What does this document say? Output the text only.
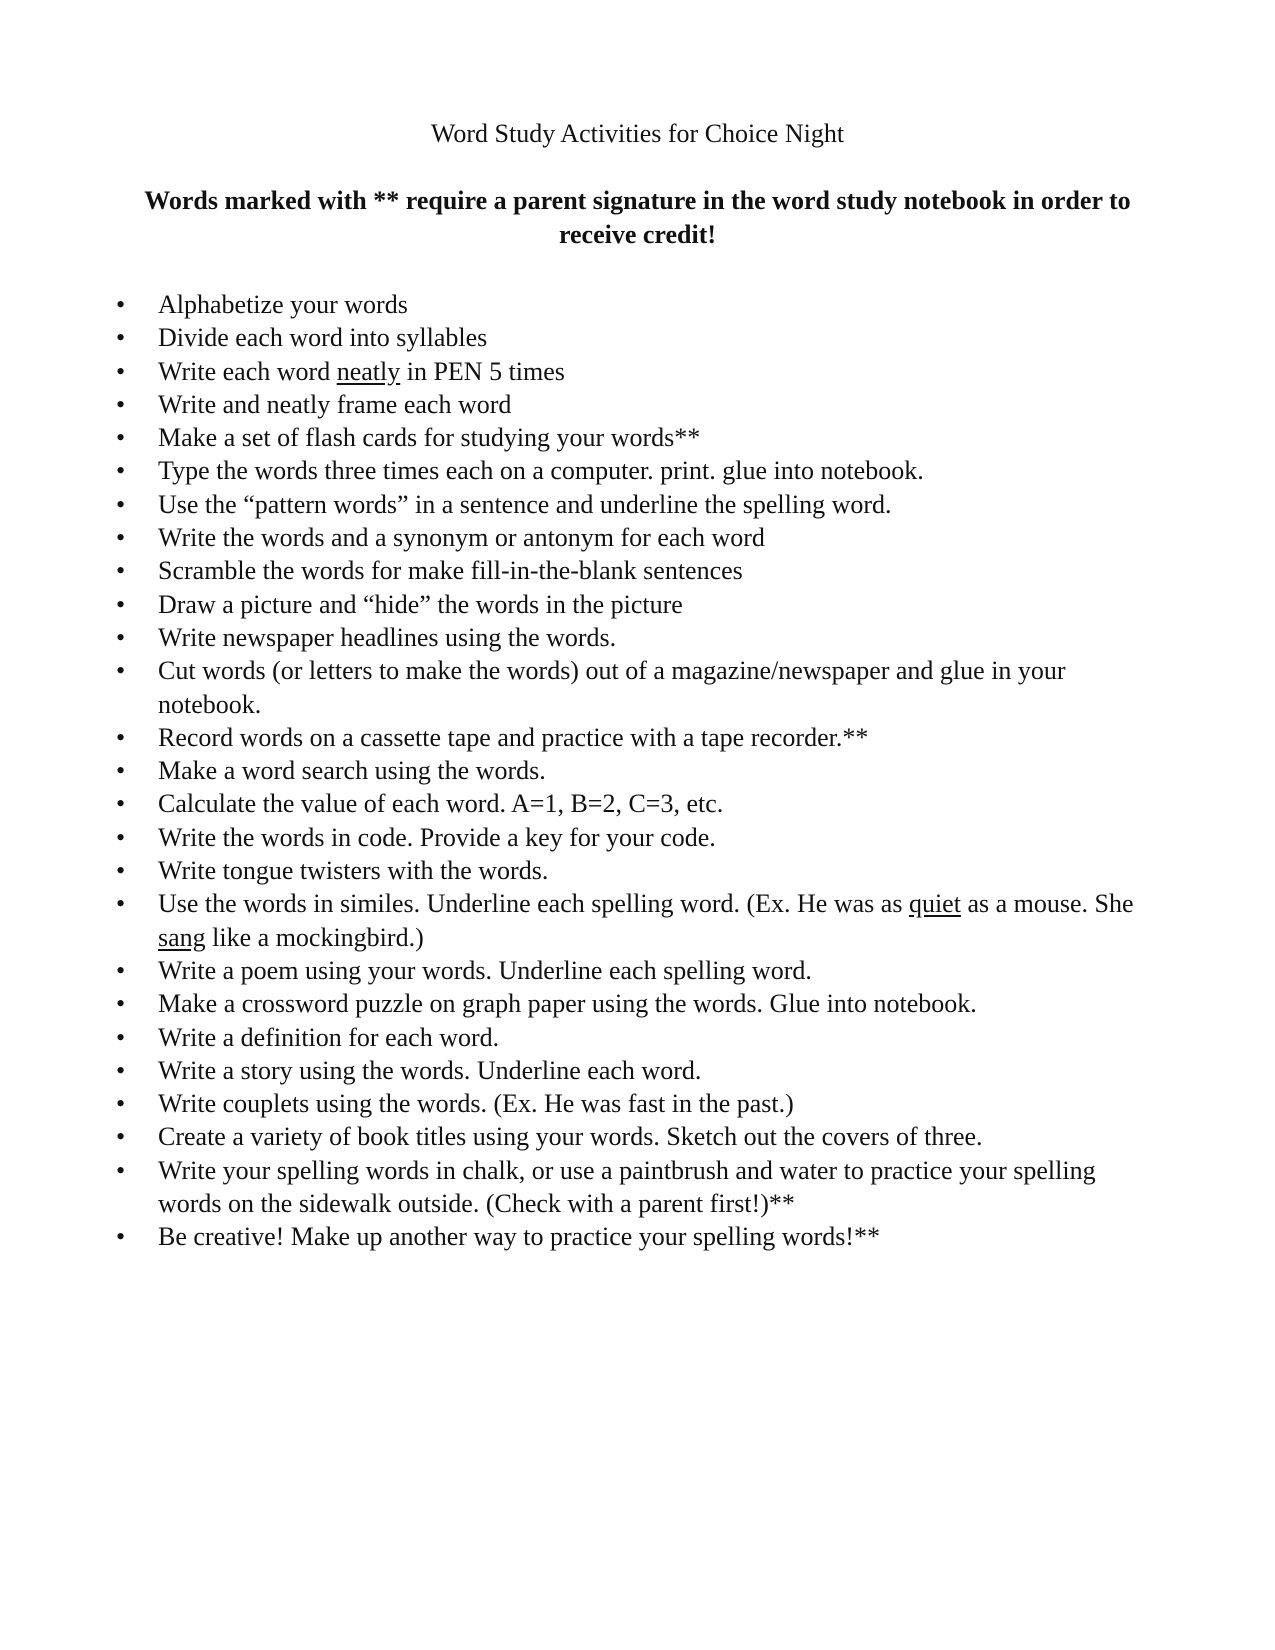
Word Study Activities for Choice Night
Words marked with ** require a parent signature in the word study notebook in order to receive credit!
• Alphabetize your words
• Divide each word into syllables
• Write each word neatly in PEN 5 times
• Write and neatly frame each word
• Make a set of flash cards for studying your words**
• Type the words three times each on a computer. print. glue into notebook.
• Use the “pattern words” in a sentence and underline the spelling word.
• Write the words and a synonym or antonym for each word
• Scramble the words for make fill-in-the-blank sentences
• Draw a picture and “hide” the words in the picture
• Write newspaper headlines using the words.
• Cut words (or letters to make the words) out of a magazine/newspaper and glue in your notebook.
• Record words on a cassette tape and practice with a tape recorder.**
• Make a word search using the words.
• Calculate the value of each word. A=1, B=2, C=3, etc.
• Write the words in code. Provide a key for your code.
• Write tongue twisters with the words.
• Use the words in similes. Underline each spelling word. (Ex. He was as quiet as a mouse. She sang like a mockingbird.)
• Write a poem using your words. Underline each spelling word.
• Make a crossword puzzle on graph paper using the words. Glue into notebook.
• Write a definition for each word.
• Write a story using the words. Underline each word.
• Write couplets using the words. (Ex. He was fast in the past.)
• Create a variety of book titles using your words. Sketch out the covers of three.
• Write your spelling words in chalk, or use a paintbrush and water to practice your spelling words on the sidewalk outside. (Check with a parent first!)**
• Be creative! Make up another way to practice your spelling words!**
